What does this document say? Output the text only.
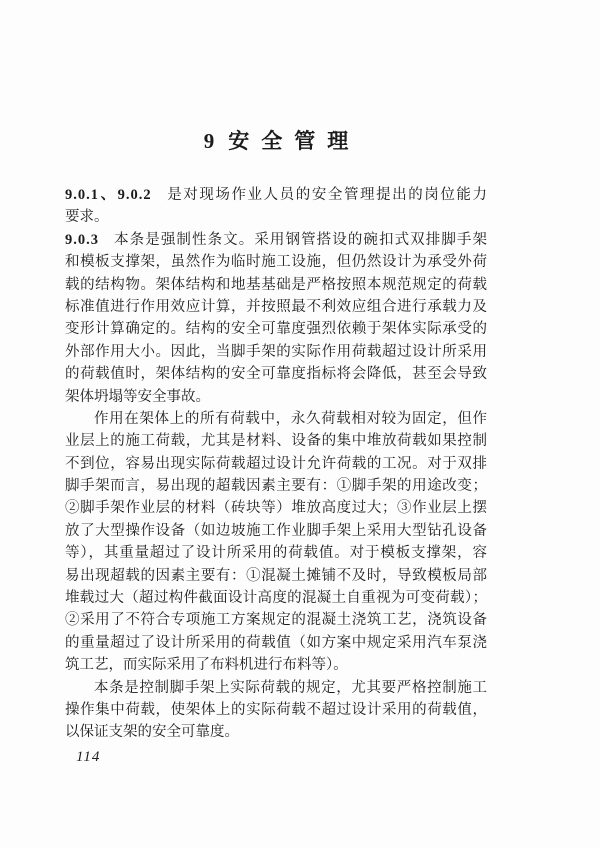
9 安全管理
9.0.1、9.0.2 是对现场作业人员的安全管理提出的岗位能力
要求。
9.0.3 本条是强制性条文。采用钢管搭设的碗扣式双排脚手架
和模板支撑架，虽然作为临时施工设施，但仍然设计为承受外荷
载的结构物。架体结构和地基基础是严格按照本规范规定的荷载
标准值进行作用效应计算，并按照最不利效应组合进行承载力及
变形计算确定的。结构的安全可靠度强烈依赖于架体实际承受的
外部作用大小。因此，当脚手架的实际作用荷载超过设计所采用
的荷载值时，架体结构的安全可靠度指标将会降低，甚至会导致
架体坍塌等安全事故。
作用在架体上的所有荷载中，永久荷载相对较为固定，但作
业层上的施工荷载，尤其是材料、设备的集中堆放荷载如果控制
不到位，容易出现实际荷载超过设计允许荷载的工况。对于双排
脚手架而言，易出现的超载因素主要有：①脚手架的用途改变；
②脚手架作业层的材料（砖块等）堆放高度过大；③作业层上摆
放了大型操作设备（如边坡施工作业脚手架上采用大型钻孔设备
等），其重量超过了设计所采用的荷载值。对于模板支撑架，容
易出现超载的因素主要有：①混凝土摊铺不及时，导致模板局部
堆载过大（超过构件截面设计高度的混凝土自重视为可变荷载）；
②采用了不符合专项施工方案规定的混凝土浇筑工艺，浇筑设备
的重量超过了设计所采用的荷载值（如方案中规定采用汽车泵浇
筑工艺，而实际采用了布料机进行布料等）。
本条是控制脚手架上实际荷载的规定，尤其要严格控制施工
操作集中荷载，使架体上的实际荷载不超过设计采用的荷载值，
以保证支架的安全可靠度。
114
